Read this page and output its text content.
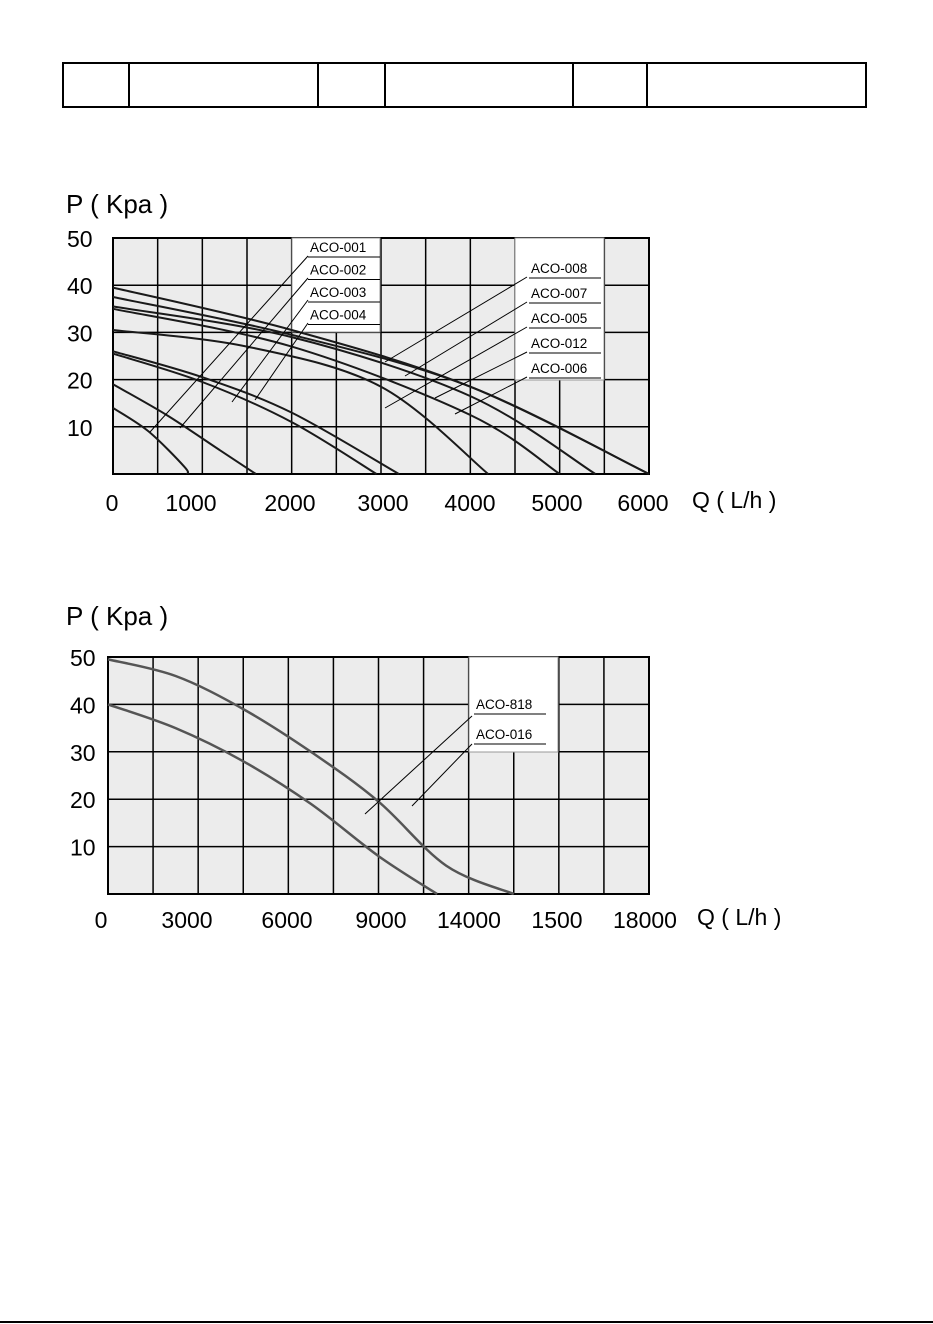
P ( Kpa )
ACO-001
ACO-002
ACO-003
ACO-004
ACO-008
ACO-007
ACO-005
ACO-012
ACO-006
50
40
30
20
10
0 1000 2000 3000 4000 5000 6000 Q ( L/h )
P ( Kpa )
ACO-818
ACO-016
50
40
30
20
10
0 3000 6000 9000 14000 1500 18000 Q ( L/h )
